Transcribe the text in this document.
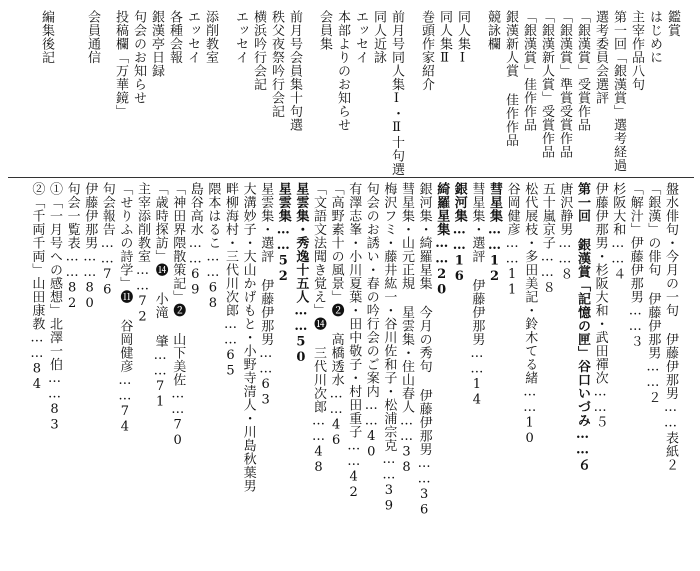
鑑賞
はじめに
主宰作品八句
第一回「銀漢賞」選考経過
選考委員会選評
「銀漢賞」受賞作品
「銀漢賞」準賞受賞作品
「銀漢新人賞」受賞作品
「銀漢賞」佳作作品
銀漢新人賞 佳作作品
競詠欄
同人集Ⅰ
同人集Ⅱ
巻頭作家紹介
前月号同人集Ⅰ・Ⅱ十句選
同人近詠
エッセイ
本部よりのお知らせ
会員集
前月号会員集十句選
秩父夜祭吟行会記
横浜吟行会記
エッセイ
添削教室
エッセイ
各種会報
銀漢亭日録
句会のお知らせ
投稿欄「万華鏡」
会員通信
編集後記
盤水俳句・今月の一句 伊藤伊那男……表紙２
「銀漢」の俳句 伊藤伊那男……２
「解汁」伊藤伊那男……３
杉阪大和……４
伊藤伊那男・杉阪大和・武田禪次……５
第一回 銀漢賞「記憶の匣」谷口いづみ……６
唐沢静男……８
五十嵐京子……８
松代展枝・多田美記・鈴木てる緒……10
谷岡健彦……11
彗星集……12
彗星集・選評 伊藤伊那男……14
銀河集……16
綺羅星集……20
銀河集・綺羅星集 今月の秀句 伊藤伊那男……36
彗星集・山元正規 星雲集・住山春人……38
梅沢フミ・藤井紘一・谷川佐和子・松浦宗克……39
句会のお誘い・春の吟行会のご案内……40
有澤志峯・小川夏葉・田中敬子・村田重子……42
「高野素十の風景」❷ 高橋透水……46
「文語文法聞き覚え」⓮ 三代川次郎……48
星雲集・秀逸十五人……50
星雲集……52
星雲集・選評 伊藤伊那男……63
大溝妙子・大山かげもと・小野寺清人・川島秋葉男
畔柳海村・三代川次郎……65
隈本はるこ……68
島谷高水……69
「神田界隈散策記」❷ 山下美佐……70
「歳時探訪」⓮ 小滝 肇……71
主宰添削教室……72
「せりふの詩学」⓫ 谷岡健彦……74
句会報告……76
伊藤伊那男……80
句会一覧表……82
①「一月号への感想」北澤一伯……83
②「千両千両」山田康教……84
